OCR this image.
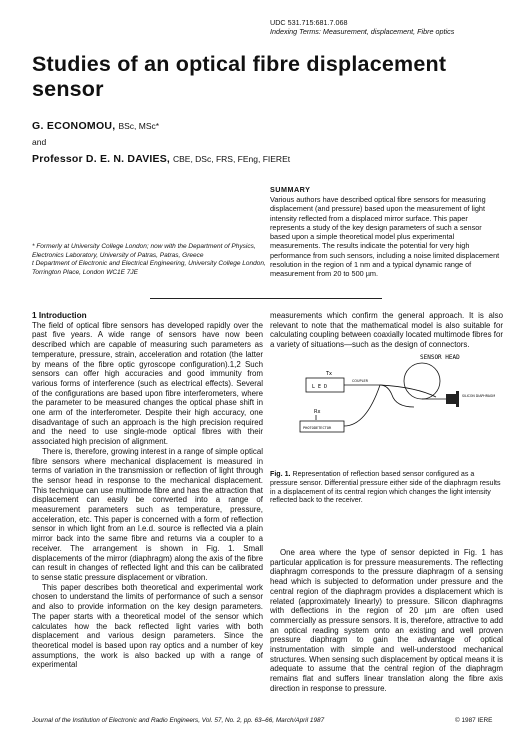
UDC 531.715:681.7.068
Indexing Terms: Measurement, displacement, Fibre optics
Studies of an optical fibre displacement sensor
G. ECONOMOU, BSc, MSc*
and
Professor D. E. N. DAVIES, CBE, DSc, FRS, FEng, FIEREt
SUMMARY
Various authors have described optical fibre sensors for measuring displacement (and pressure) based upon the measurement of light intensity reflected from a displaced mirror surface. This paper represents a study of the key design parameters of such a sensor based upon a simple theoretical model plus experimental measurements. The results indicate the potential for very high performance from such sensors, including a noise limited displacement resolution in the region of 1 nm and a typical dynamic range of measurement from 20 to 500 µm.
* Formerly at University College London; now with the Department of Physics, Electronics Laboratory, University of Patras, Patras, Greece
t Department of Electronic and Electrical Engineering, University College London, Torrington Place, London WC1E 7JE
1 Introduction

The field of optical fibre sensors has developed rapidly over the past five years. A wide range of sensors have now been described which are capable of measuring such parameters as temperature, pressure, strain, acceleration and rotation (the latter by means of the fibre optic gyroscope configuration).1,2 Such sensors can offer high accuracies and good immunity from various forms of interference (such as electrical effects). Several of the configurations are based upon fibre interferometers, where the parameter to be measured changes the optical phase shift in one arm of the interferometer. Despite their high accuracy, one disadvantage of such an approach is the high precision required and the need to use single-mode optical fibres with their associated high precision of alignment.

There is, therefore, growing interest in a range of simple optical fibre sensors where mechanical displacement is measured in terms of variation in the transmission or reflection of light through the sensor head in response to the mechanical displacement. This technique can use multimode fibre and has the attraction that displacement can easily be converted into a range of measurement parameters such as temperature, pressure, acceleration, etc. This paper is concerned with a form of reflection sensor in which light from an l.e.d. source is reflected via a plain mirror back into the same fibre and returns via a coupler to a receiver. The arrangement is shown in Fig. 1. Small displacements of the mirror (diaphragm) along the axis of the fibre can result in changes of reflected light and this can be calibrated to sense static pressure displacement or vibration.

This paper describes both theoretical and experimental work chosen to understand the limits of performance of such a sensor and also to provide information on the key design parameters. The paper starts with a theoretical model of the sensor which calculates how the back reflected light varies with both displacement and various design parameters. Since the theoretical model is based upon ray optics and a number of key assumptions, the work is also backed up with a range of experimental

measurements which confirm the general approach. It is also relevant to note that the mathematical model is also suitable for calculating coupling between coaxially located multimode fibres for a variety of situations—such as the design of connectors.

SENSOR HEAD
Tx
L E D
COUPLER
SILICON DIAPHRAGM
Rx
PHOTODETECTOR
Fig. 1. Representation of reflection based sensor configured as a pressure sensor. Differential pressure either side of the diaphragm results in a displacement of its central region which changes the light intensity reflected back to the receiver.

One area where the type of sensor depicted in Fig. 1 has particular application is for pressure measurements. The reflecting diaphragm corresponds to the pressure diaphragm of a sensing head which is subjected to deformation under pressure and the central region of the diaphragm provides a displacement which is related (approximately linearly) to pressure. Silicon diaphragms with deflections in the region of 20 µm are often used commercially as pressure sensors. It is, therefore, attractive to add an optical reading system onto an existing and well proven pressure diaphragm to gain the advantage of optical instrumentation with simple and well-understood mechanical structures. When sensing such displacement by optical means it is adequate to assume that the central region of the diaphragm remains flat and suffers linear translation along the fibre axis direction in response to pressure.

Journal of the Institution of Electronic and Radio Engineers, Vol. 57, No. 2, pp. 63–66, March/April 1987	© 1987 IERE
